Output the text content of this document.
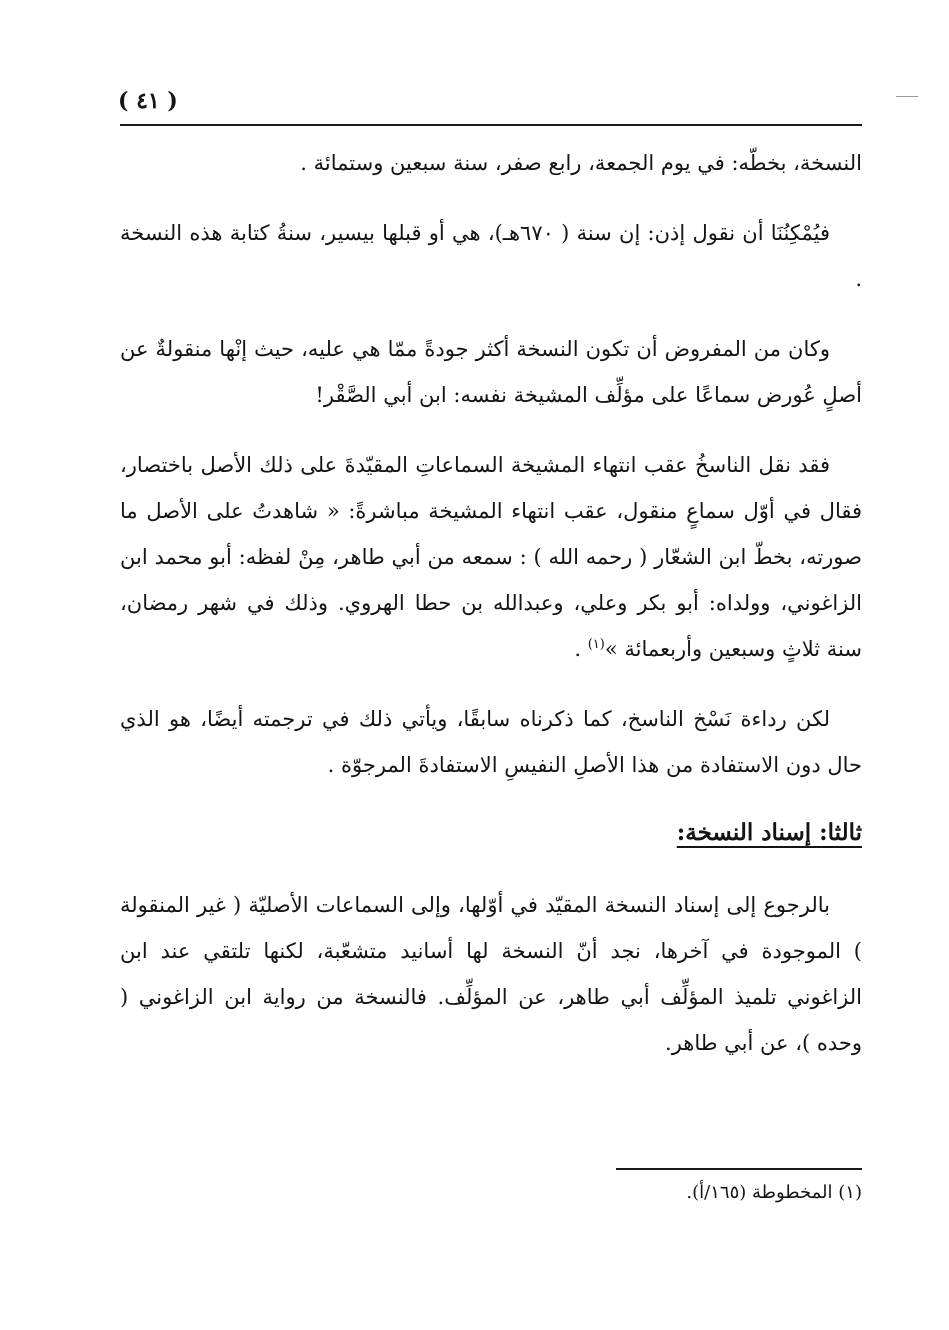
( ٤١ )

النسخة، بخطّه: في يوم الجمعة، رابع صفر، سنة سبعين وستمائة .

فيُمْكِنُنَا أن نقول إذن: إن سنة ( ٦٧٠هـ)، هي أو قبلها بيسير، سنةُ كتابة هذه النسخة .

وكان من المفروض أن تكون النسخة أكثر جودةً ممّا هي عليه، حيث إنْها منقولةٌ عن أصلٍ عُورض سماعًا على مؤلِّف المشيخة نفسه: ابن أبي الصَّقْر!

فقد نقل الناسخُ عقب انتهاء المشيخة السماعاتِ المقيّدةَ على ذلك الأصل باختصار، فقال في أوّل سماعٍ منقول، عقب انتهاء المشيخة مباشرةً: « شاهدتُ على الأصل ما صورته، بخطّ ابن الشعّار ( رحمه الله ) : سمعه من أبي طاهر، مِنْ لفظه: أبو محمد ابن الزاغوني، وولداه: أبو بكر وعلي، وعبدالله بن حطا الهروي. وذلك في شهر رمضان، سنة ثلاثٍ وسبعين وأربعمائة »$^{(١)}$ .

لكن رداءة نَسْخ الناسخ، كما ذكرناه سابقًا، ويأتي ذلك في ترجمته أيضًا، هو الذي حال دون الاستفادة من هذا الأصلِ النفيسِ الاستفادةَ المرجوّة .

ثالثا: إسناد النسخة:

بالرجوع إلى إسناد النسخة المقيّد في أوّلها، وإلى السماعات الأصليّة ( غير المنقولة ) الموجودة في آخرها، نجد أنّ النسخة لها أسانيد متشعّبة، لكنها تلتقي عند ابن الزاغوني تلميذ المؤلِّف أبي طاهر، عن المؤلِّف. فالنسخة من رواية ابن الزاغوني ( وحده )، عن أبي طاهر.

(١) المخطوطة (١٦٥/أ).
